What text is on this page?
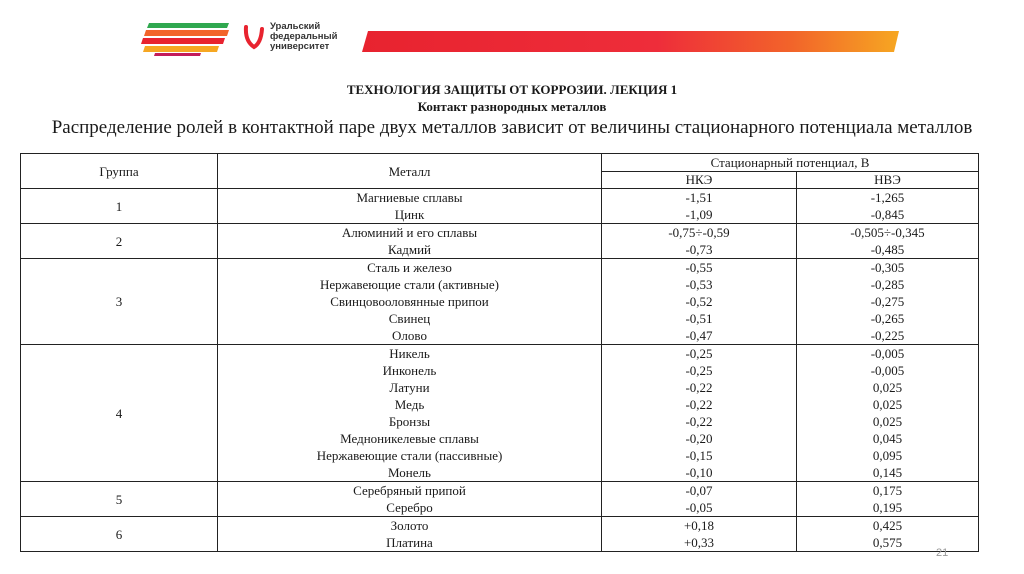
Уральский
федеральный
университет
ТЕХНОЛОГИЯ ЗАЩИТЫ ОТ КОРРОЗИИ. ЛЕКЦИЯ 1
Контакт разнородных металлов
Распределение ролей в контактной паре двух металлов зависит от величины стационарного потенциала металлов
Группа	Металл	Стационарный потенциал, В	
		НКЭ	НВЭ
1	Магниевые сплавы	-1,51	-1,265
	Цинк	-1,09	-0,845
2	Алюминий и его сплавы	-0,75÷-0,59	-0,505÷-0,345
	Кадмий	-0,73	-0,485
3	Сталь и железо	-0,55	-0,305
	Нержавеющие стали (активные)	-0,53	-0,285
	Свинцовооловянные припои	-0,52	-0,275
	Свинец	-0,51	-0,265
	Олово	-0,47	-0,225
4	Никель	-0,25	-0,005
	Инконель	-0,25	-0,005
	Латуни	-0,22	0,025
	Медь	-0,22	0,025
	Бронзы	-0,22	0,025
	Медноникелевые сплавы	-0,20	0,045
	Нержавеющие стали (пассивные)	-0,15	0,095
	Монель	-0,10	0,145
5	Серебряный припой	-0,07	0,175
	Серебро	-0,05	0,195
6	Золото	+0,18	0,425
	Платина	+0,33	0,575
21
